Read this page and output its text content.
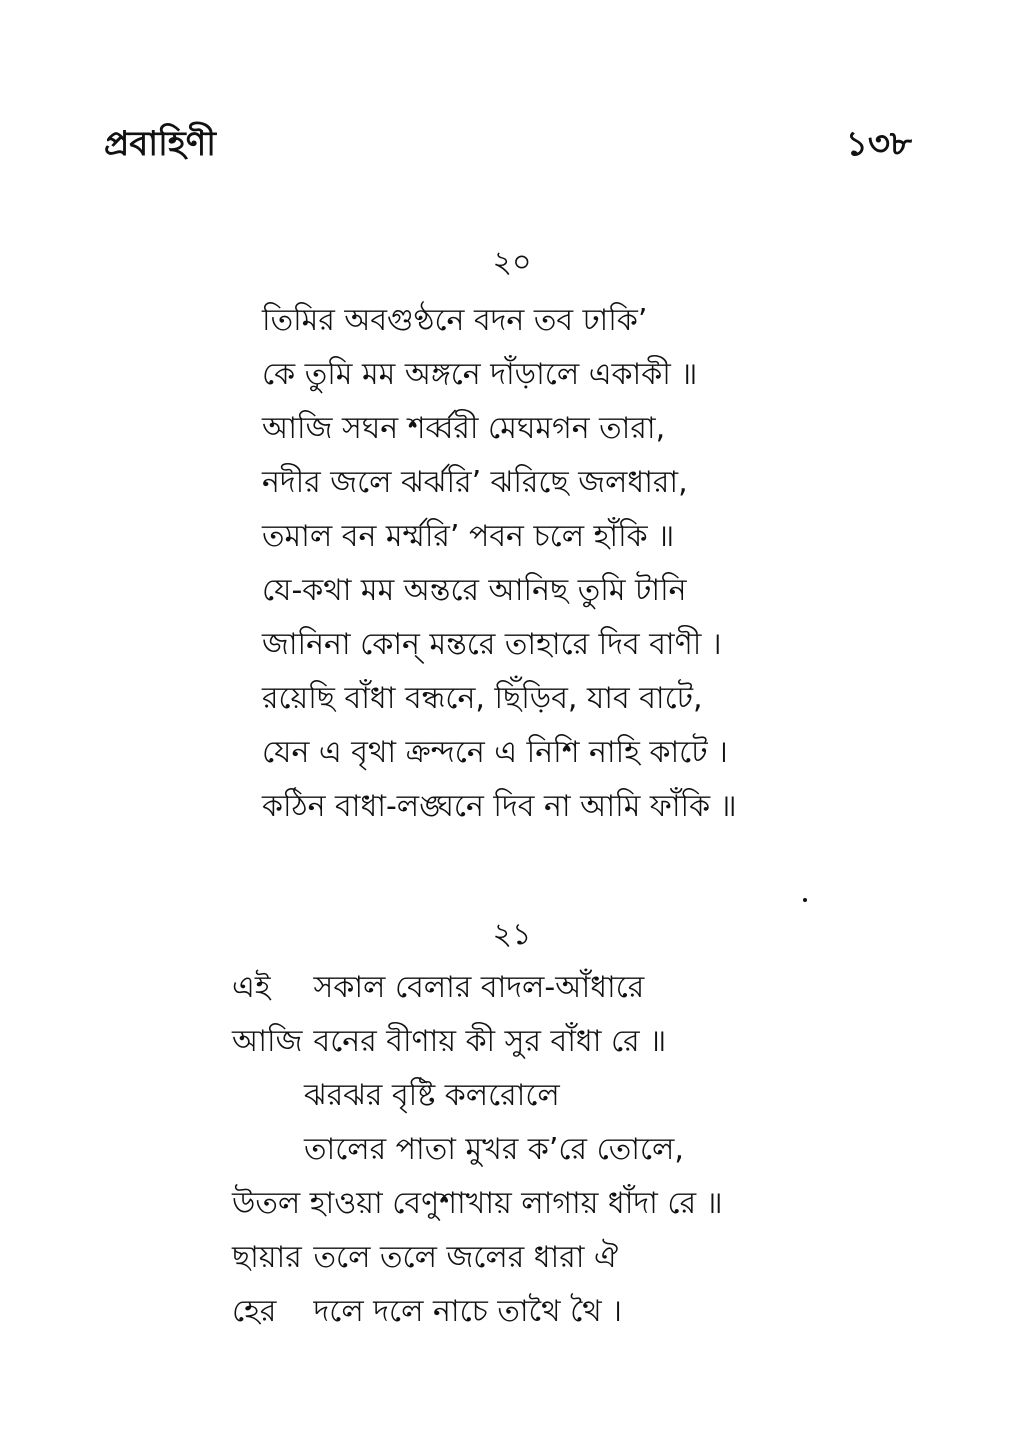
প্রবাহিণী	১৩৮
২০
তিমির অবগুণ্ঠনে বদন তব ঢাকি’
কে তুমি মম অঙ্গনে দাঁড়ালে একাকী ॥
আজি সঘন শর্ব্বরী মেঘমগন তারা,
নদীর জলে ঝর্ঝরি’ ঝরিছে জলধারা,
তমাল বন মর্ম্মরি’ পবন চলে হাঁকি ॥
যে-কথা মম অন্তরে আনিছ তুমি টানি
জানিনা কোন্ মন্তরে তাহারে দিব বাণী ।
রয়েছি বাঁধা বন্ধনে, ছিঁড়িব, যাব বাটে,
যেন এ বৃথা ক্রন্দনে এ নিশি নাহি কাটে ।
কঠিন বাধা-লঙ্ঘনে দিব না আমি ফাঁকি ॥
২১
এই সকাল বেলার বাদল-আঁধারে
আজি বনের বীণায় কী সুর বাঁধা রে ॥
ঝরঝর বৃষ্টি কলরোলে
তালের পাতা মুখর ক’রে তোলে,
উতল হাওয়া বেণুশাখায় লাগায় ধাঁদা রে ॥
ছায়ার তলে তলে জলের ধারা ঐ
হের দলে দলে নাচে তাথৈ থৈ ।
